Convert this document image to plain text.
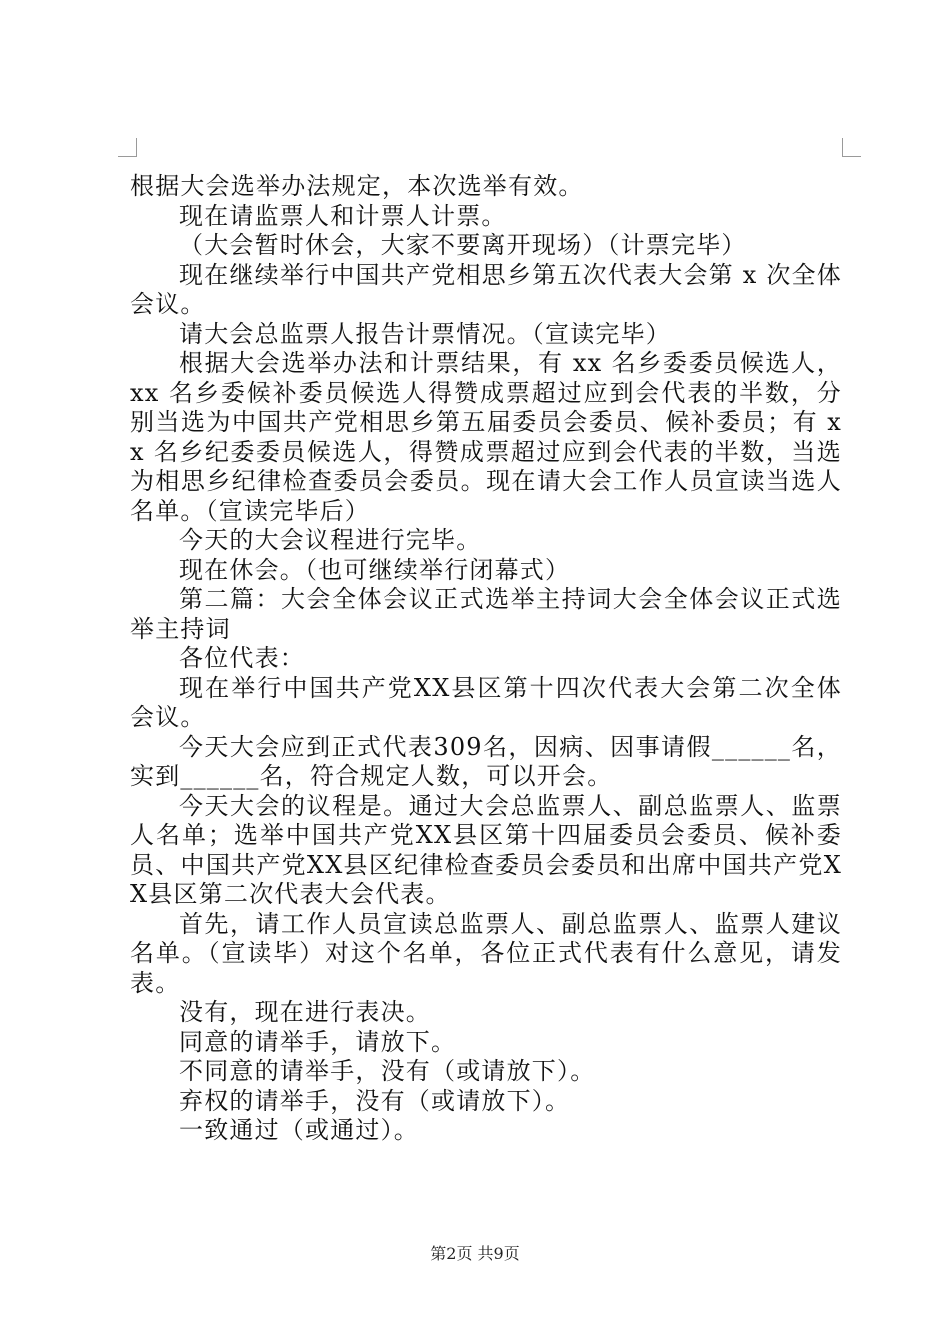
根据大会选举办法规定，本次选举有效。

现在请监票人和计票人计票。

（大会暂时休会，大家不要离开现场）（计票完毕）

现在继续举行中国共产党相思乡第五次代表大会第 x 次全体会议。

请大会总监票人报告计票情况。（宣读完毕）

根据大会选举办法和计票结果，有 xx 名乡委委员候选人，xx 名乡委候补委员候选人得赞成票超过应到会代表的半数，分别当选为中国共产党相思乡第五届委员会委员、候补委员；有 xx 名乡纪委委员候选人，得赞成票超过应到会代表的半数，当选为相思乡纪律检查委员会委员。现在请大会工作人员宣读当选人名单。（宣读完毕后）

今天的大会议程进行完毕。

现在休会。（也可继续举行闭幕式）

第二篇：大会全体会议正式选举主持词大会全体会议正式选举主持词

各位代表：

现在举行中国共产党XX县区第十四次代表大会第二次全体会议。

今天大会应到正式代表309名，因病、因事请假______名，实到______名，符合规定人数，可以开会。

今天大会的议程是。通过大会总监票人、副总监票人、监票人名单；选举中国共产党XX县区第十四届委员会委员、候补委员、中国共产党XX县区纪律检查委员会委员和出席中国共产党XX县区第二次代表大会代表。

首先，请工作人员宣读总监票人、副总监票人、监票人建议名单。（宣读毕）对这个名单，各位正式代表有什么意见，请发表。

没有，现在进行表决。

同意的请举手，请放下。

不同意的请举手，没有（或请放下）。

弃权的请举手，没有（或请放下）。

一致通过（或通过）。

第2页 共9页
